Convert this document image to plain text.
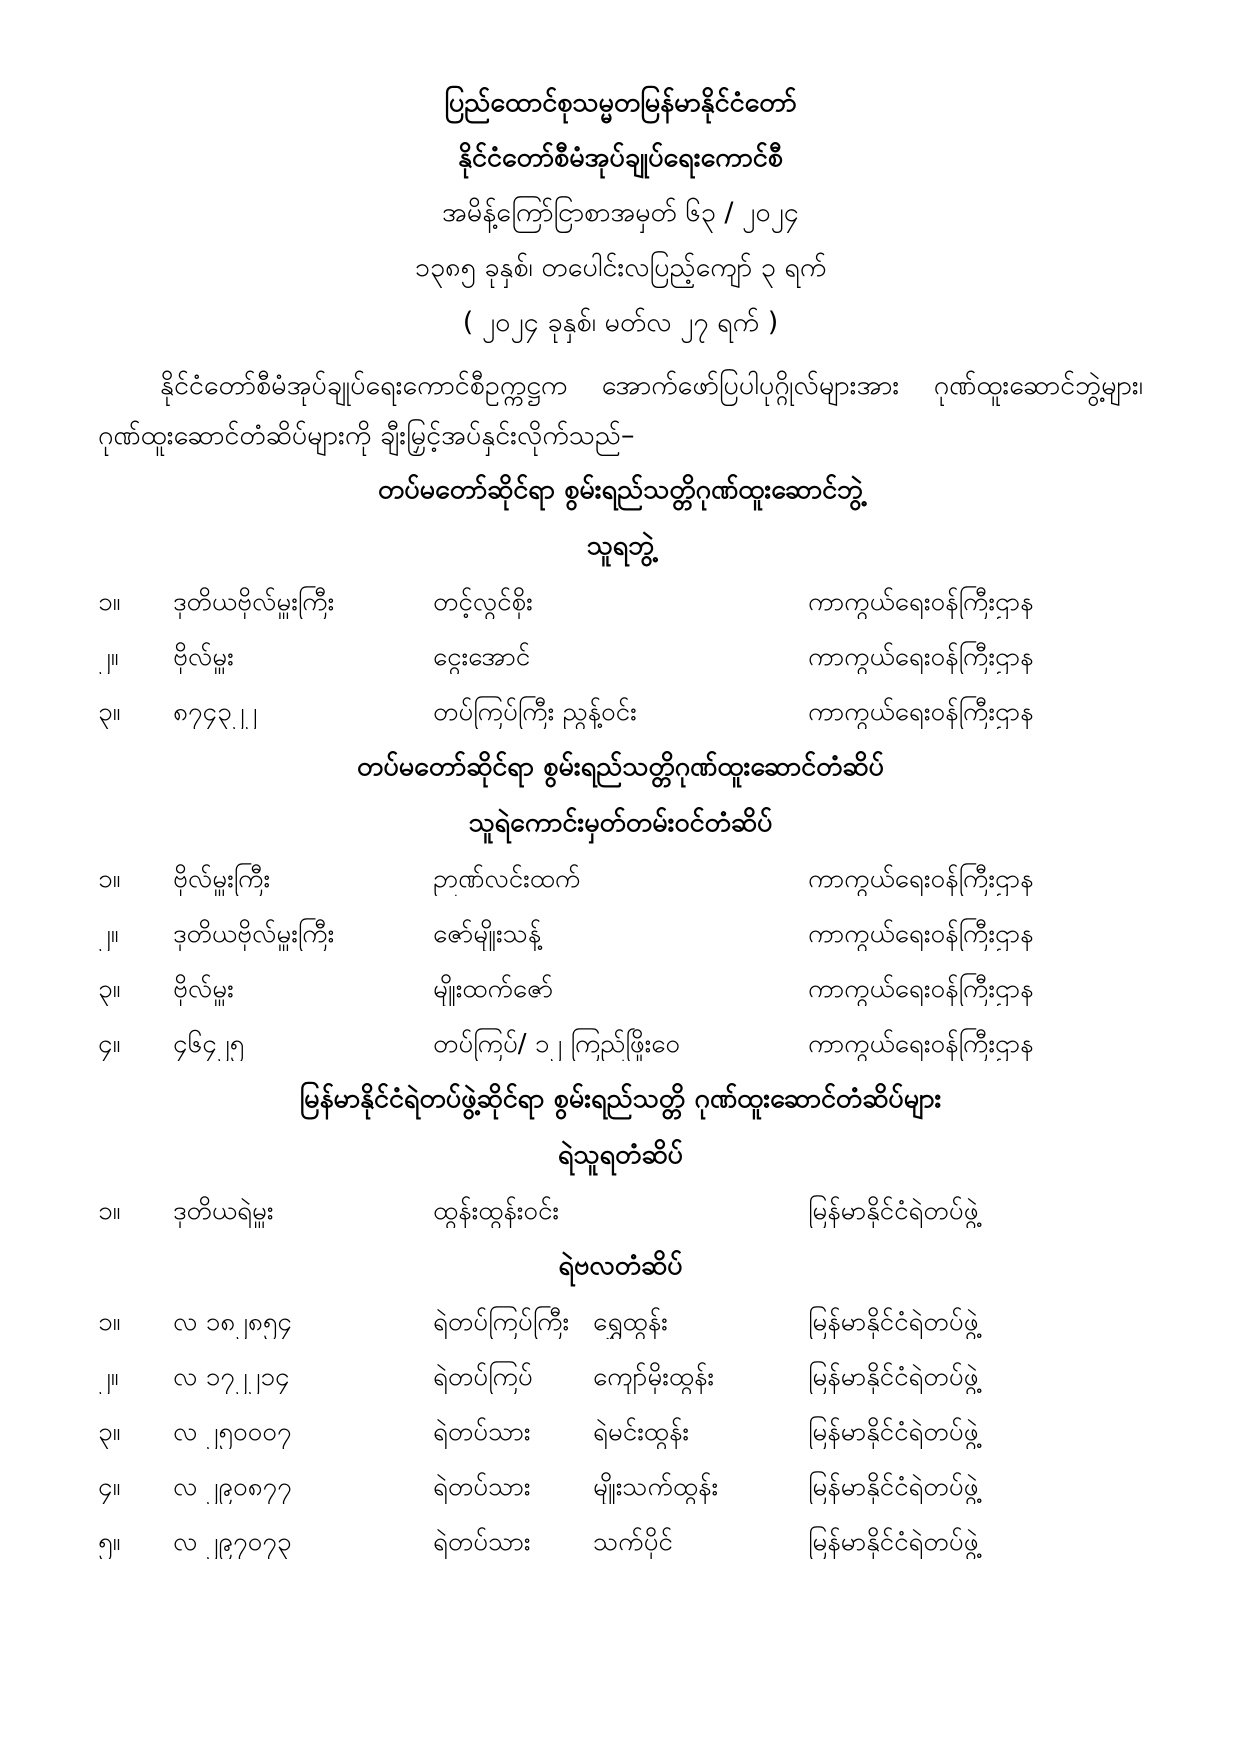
ပြည်ထောင်စုသမ္မတမြန်မာနိုင်ငံတော်
နိုင်ငံတော်စီမံအုပ်ချုပ်ရေးကောင်စီ
အမိန့်ကြော်ငြာစာအမှတ် ၆၃ / ၂၀၂၄
၁၃၈၅ ခုနှစ်၊ တပေါင်းလပြည့်ကျော် ၃ ရက်
( ၂၀၂၄ ခုနှစ်၊ မတ်လ ၂၇ ရက် )

နိုင်ငံတော်စီမံအုပ်ချုပ်ရေးကောင်စီဥက္ကဋ္ဌက အောက်ဖော်ပြပါပုဂ္ဂိုလ်များအား ဂုဏ်ထူးဆောင်ဘွဲ့များ၊ ဂုဏ်ထူးဆောင်တံဆိပ်များကို ချီးမြှင့်အပ်နှင်းလိုက်သည်–

တပ်မတော်ဆိုင်ရာ စွမ်းရည်သတ္တိဂုဏ်ထူးဆောင်ဘွဲ့
သူရဘွဲ့
၁။	ဒုတိယဗိုလ်မှူးကြီး	တင့်လွင်စိုး	ကာကွယ်ရေးဝန်ကြီးဌာန
၂။	ဗိုလ်မှူး	ငွေးအောင်	ကာကွယ်ရေးဝန်ကြီးဌာန
၃။	၈၇၄၃၂၂	တပ်ကြပ်ကြီး ညွန့်ဝင်း	ကာကွယ်ရေးဝန်ကြီးဌာန
တပ်မတော်ဆိုင်ရာ စွမ်းရည်သတ္တိဂုဏ်ထူးဆောင်တံဆိပ်
သူရဲကောင်းမှတ်တမ်းဝင်တံဆိပ်
၁။	ဗိုလ်မှူးကြီး	ဉာဏ်လင်းထက်	ကာကွယ်ရေးဝန်ကြီးဌာန
၂။	ဒုတိယဗိုလ်မှူးကြီး	ဇော်မျိုးသန့်	ကာကွယ်ရေးဝန်ကြီးဌာန
၃။	ဗိုလ်မှူး	မျိုးထက်ဇော်	ကာကွယ်ရေးဝန်ကြီးဌာန
၄။	၄၆၄၂၅	တပ်ကြပ်/ ၁၂ ကြည်ဖြိုးဝေ	ကာကွယ်ရေးဝန်ကြီးဌာန
မြန်မာနိုင်ငံရဲတပ်ဖွဲ့ဆိုင်ရာ စွမ်းရည်သတ္တိ ဂုဏ်ထူးဆောင်တံဆိပ်များ
ရဲသူရတံဆိပ်
၁။	ဒုတိယရဲမှူး	ထွန်းထွန်းဝင်း	မြန်မာနိုင်ငံရဲတပ်ဖွဲ့
ရဲဗလတံဆိပ်
၁။	လ ၁၈၂၈၅၄	ရဲတပ်ကြပ်ကြီး ရွှေထွန်း	မြန်မာနိုင်ငံရဲတပ်ဖွဲ့
၂။	လ ၁၇၂၂၁၄	ရဲတပ်ကြပ်	ကျော်မိုးထွန်း	မြန်မာနိုင်ငံရဲတပ်ဖွဲ့
၃။	လ ၂၅၀၀၀၇	ရဲတပ်သား	ရဲမင်းထွန်း	မြန်မာနိုင်ငံရဲတပ်ဖွဲ့
၄။	လ ၂၉၀၈၇၇	ရဲတပ်သား	မျိုးသက်ထွန်း	မြန်မာနိုင်ငံရဲတပ်ဖွဲ့
၅။	လ ၂၉၇၀၇၃	ရဲတပ်သား	သက်ပိုင်	မြန်မာနိုင်ငံရဲတပ်ဖွဲ့
